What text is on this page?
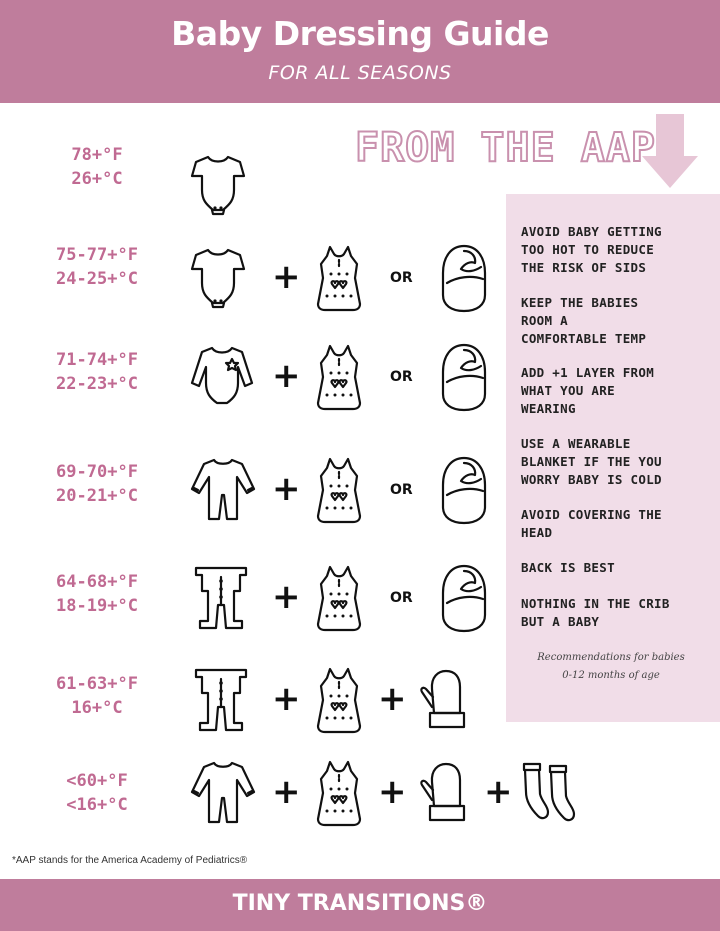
Baby Dressing Guide
FOR ALL SEASONS
FROM THE AAP
AVOID BABY GETTING
TOO HOT TO REDUCE
THE RISK OF SIDS
KEEP THE BABIES
ROOM A
COMFORTABLE TEMP
ADD +1 LAYER FROM
WHAT YOU ARE
WEARING
USE A WEARABLE
BLANKET IF THE YOU
WORRY BABY IS COLD
AVOID COVERING THE
HEAD
BACK IS BEST
NOTHING IN THE CRIB
BUT A BABY
Recommendations for babies
0-12 months of age
78+°F
26+°C
75-77+°F
24-25+°C	+	OR
71-74+°F
22-23+°C	+	OR
69-70+°F
20-21+°C	+	OR
64-68+°F
18-19+°C	+	OR
61-63+°F
16+°C	+ +
<60+°F
<16+°C	+ + +
*AAP stands for the America Academy of Pediatrics®
TINY TRANSITIONS®
